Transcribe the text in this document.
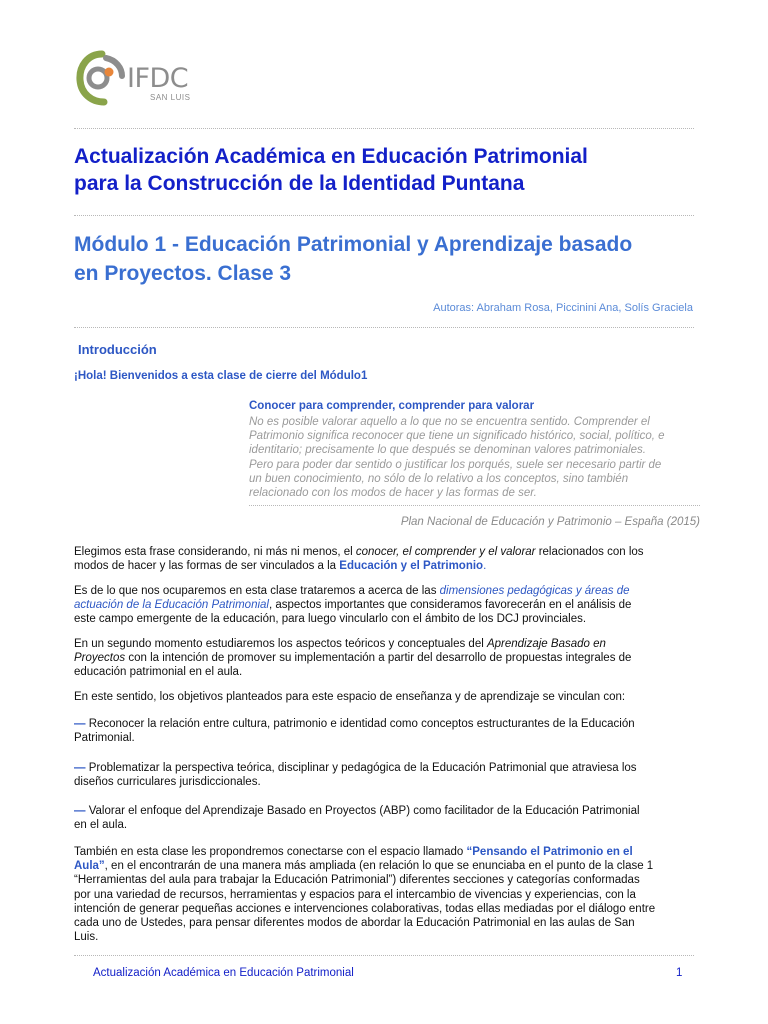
IFDC
SAN LUIS
Actualización Académica en Educación Patrimonial
para la Construcción de la Identidad Puntana
Módulo 1 - Educación Patrimonial y Aprendizaje basado
en Proyectos. Clase 3
Autoras: Abraham Rosa, Piccinini Ana, Solís Graciela
Introducción
¡Hola! Bienvenidos a esta clase de cierre del Módulo1
Conocer para comprender, comprender para valorar
No es posible valorar aquello a lo que no se encuentra sentido. Comprender el
Patrimonio significa reconocer que tiene un significado histórico, social, político, e
identitario; precisamente lo que después se denominan valores patrimoniales.
Pero para poder dar sentido o justificar los porqués, suele ser necesario partir de
un buen conocimiento, no sólo de lo relativo a los conceptos, sino también
relacionado con los modos de hacer y las formas de ser.
Plan Nacional de Educación y Patrimonio – España (2015)
Elegimos esta frase considerando, ni más ni menos, el conocer, el comprender y el valorar relacionados con los
modos de hacer y las formas de ser vinculados a la Educación y el Patrimonio.
Es de lo que nos ocuparemos en esta clase trataremos a acerca de las dimensiones pedagógicas y áreas de
actuación de la Educación Patrimonial, aspectos importantes que consideramos favorecerán en el análisis de
este campo emergente de la educación, para luego vincularlo con el ámbito de los DCJ provinciales.
En un segundo momento estudiaremos los aspectos teóricos y conceptuales del Aprendizaje Basado en
Proyectos con la intención de promover su implementación a partir del desarrollo de propuestas integrales de
educación patrimonial en el aula.
En este sentido, los objetivos planteados para este espacio de enseñanza y de aprendizaje se vinculan con:
— Reconocer la relación entre cultura, patrimonio e identidad como conceptos estructurantes de la Educación
Patrimonial.
— Problematizar la perspectiva teórica, disciplinar y pedagógica de la Educación Patrimonial que atraviesa los
diseños curriculares jurisdiccionales.
— Valorar el enfoque del Aprendizaje Basado en Proyectos (ABP) como facilitador de la Educación Patrimonial
en el aula.
También en esta clase les propondremos conectarse con el espacio llamado “Pensando el Patrimonio en el
Aula”, en el encontrarán de una manera más ampliada (en relación lo que se enunciaba en el punto de la clase 1
“Herramientas del aula para trabajar la Educación Patrimonial”) diferentes secciones y categorías conformadas
por una variedad de recursos, herramientas y espacios para el intercambio de vivencias y experiencias, con la
intención de generar pequeñas acciones e intervenciones colaborativas, todas ellas mediadas por el diálogo entre
cada uno de Ustedes, para pensar diferentes modos de abordar la Educación Patrimonial en las aulas de San
Luis.
Actualización Académica en Educación Patrimonial	1
